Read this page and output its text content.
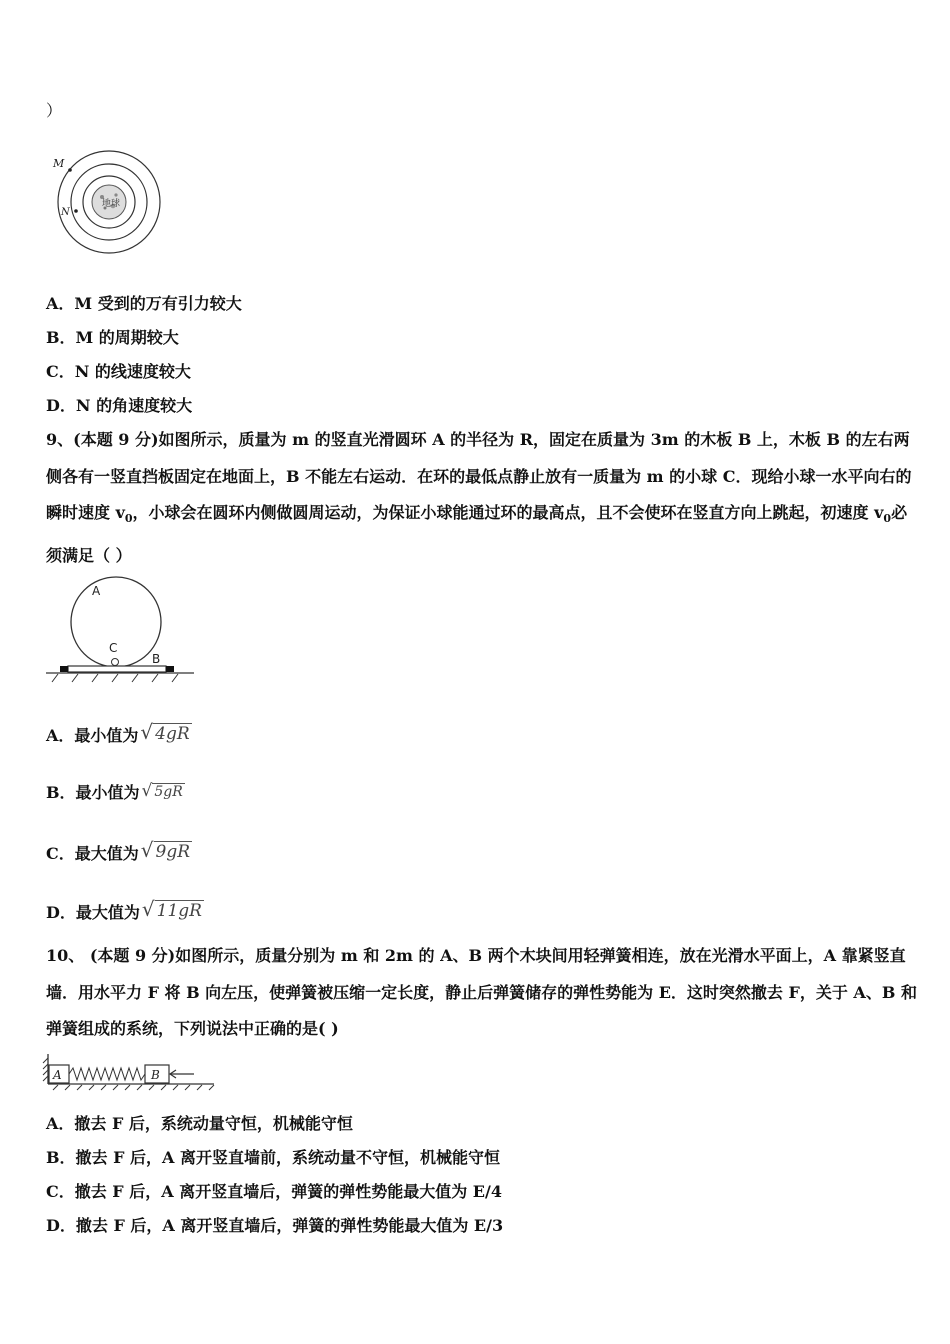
）
地球
M
N
A．M 受到的万有引力较大
B．M 的周期较大
C．N 的线速度较大
D．N 的角速度较大
9、(本题 9 分)如图所示，质量为 m 的竖直光滑圆环 A 的半径为 R，固定在质量为 3m 的木板 B 上，木板 B 的左右两侧各有一竖直挡板固定在地面上，B 不能左右运动．在环的最低点静止放有一质量为 m 的小球 C．现给小球一水平向右的瞬时速度 $v_0$，小球会在圆环内侧做圆周运动，为保证小球能通过环的最高点，且不会使环在竖直方向上跳起，初速度 $v_0$必须满足（ ）
A
C
B
A．最小值为 √ 4gR
B．最小值为 √ 5gR
C．最大值为 √ 9gR
D．最大值为 √ 11gR
10、 (本题 9 分)如图所示，质量分别为 m 和 2m 的 A、B 两个木块间用轻弹簧相连，放在光滑水平面上，A 靠紧竖直墙．用水平力 F 将 B 向左压，使弹簧被压缩一定长度，静止后弹簧储存的弹性势能为 E．这时突然撤去 F，关于 A、B 和弹簧组成的系统，下列说法中正确的是( )
A	B
A．撤去 F 后，系统动量守恒，机械能守恒
B．撤去 F 后，A 离开竖直墙前，系统动量不守恒，机械能守恒
C．撤去 F 后，A 离开竖直墙后，弹簧的弹性势能最大值为 E/4
D．撤去 F 后，A 离开竖直墙后，弹簧的弹性势能最大值为 E/3
